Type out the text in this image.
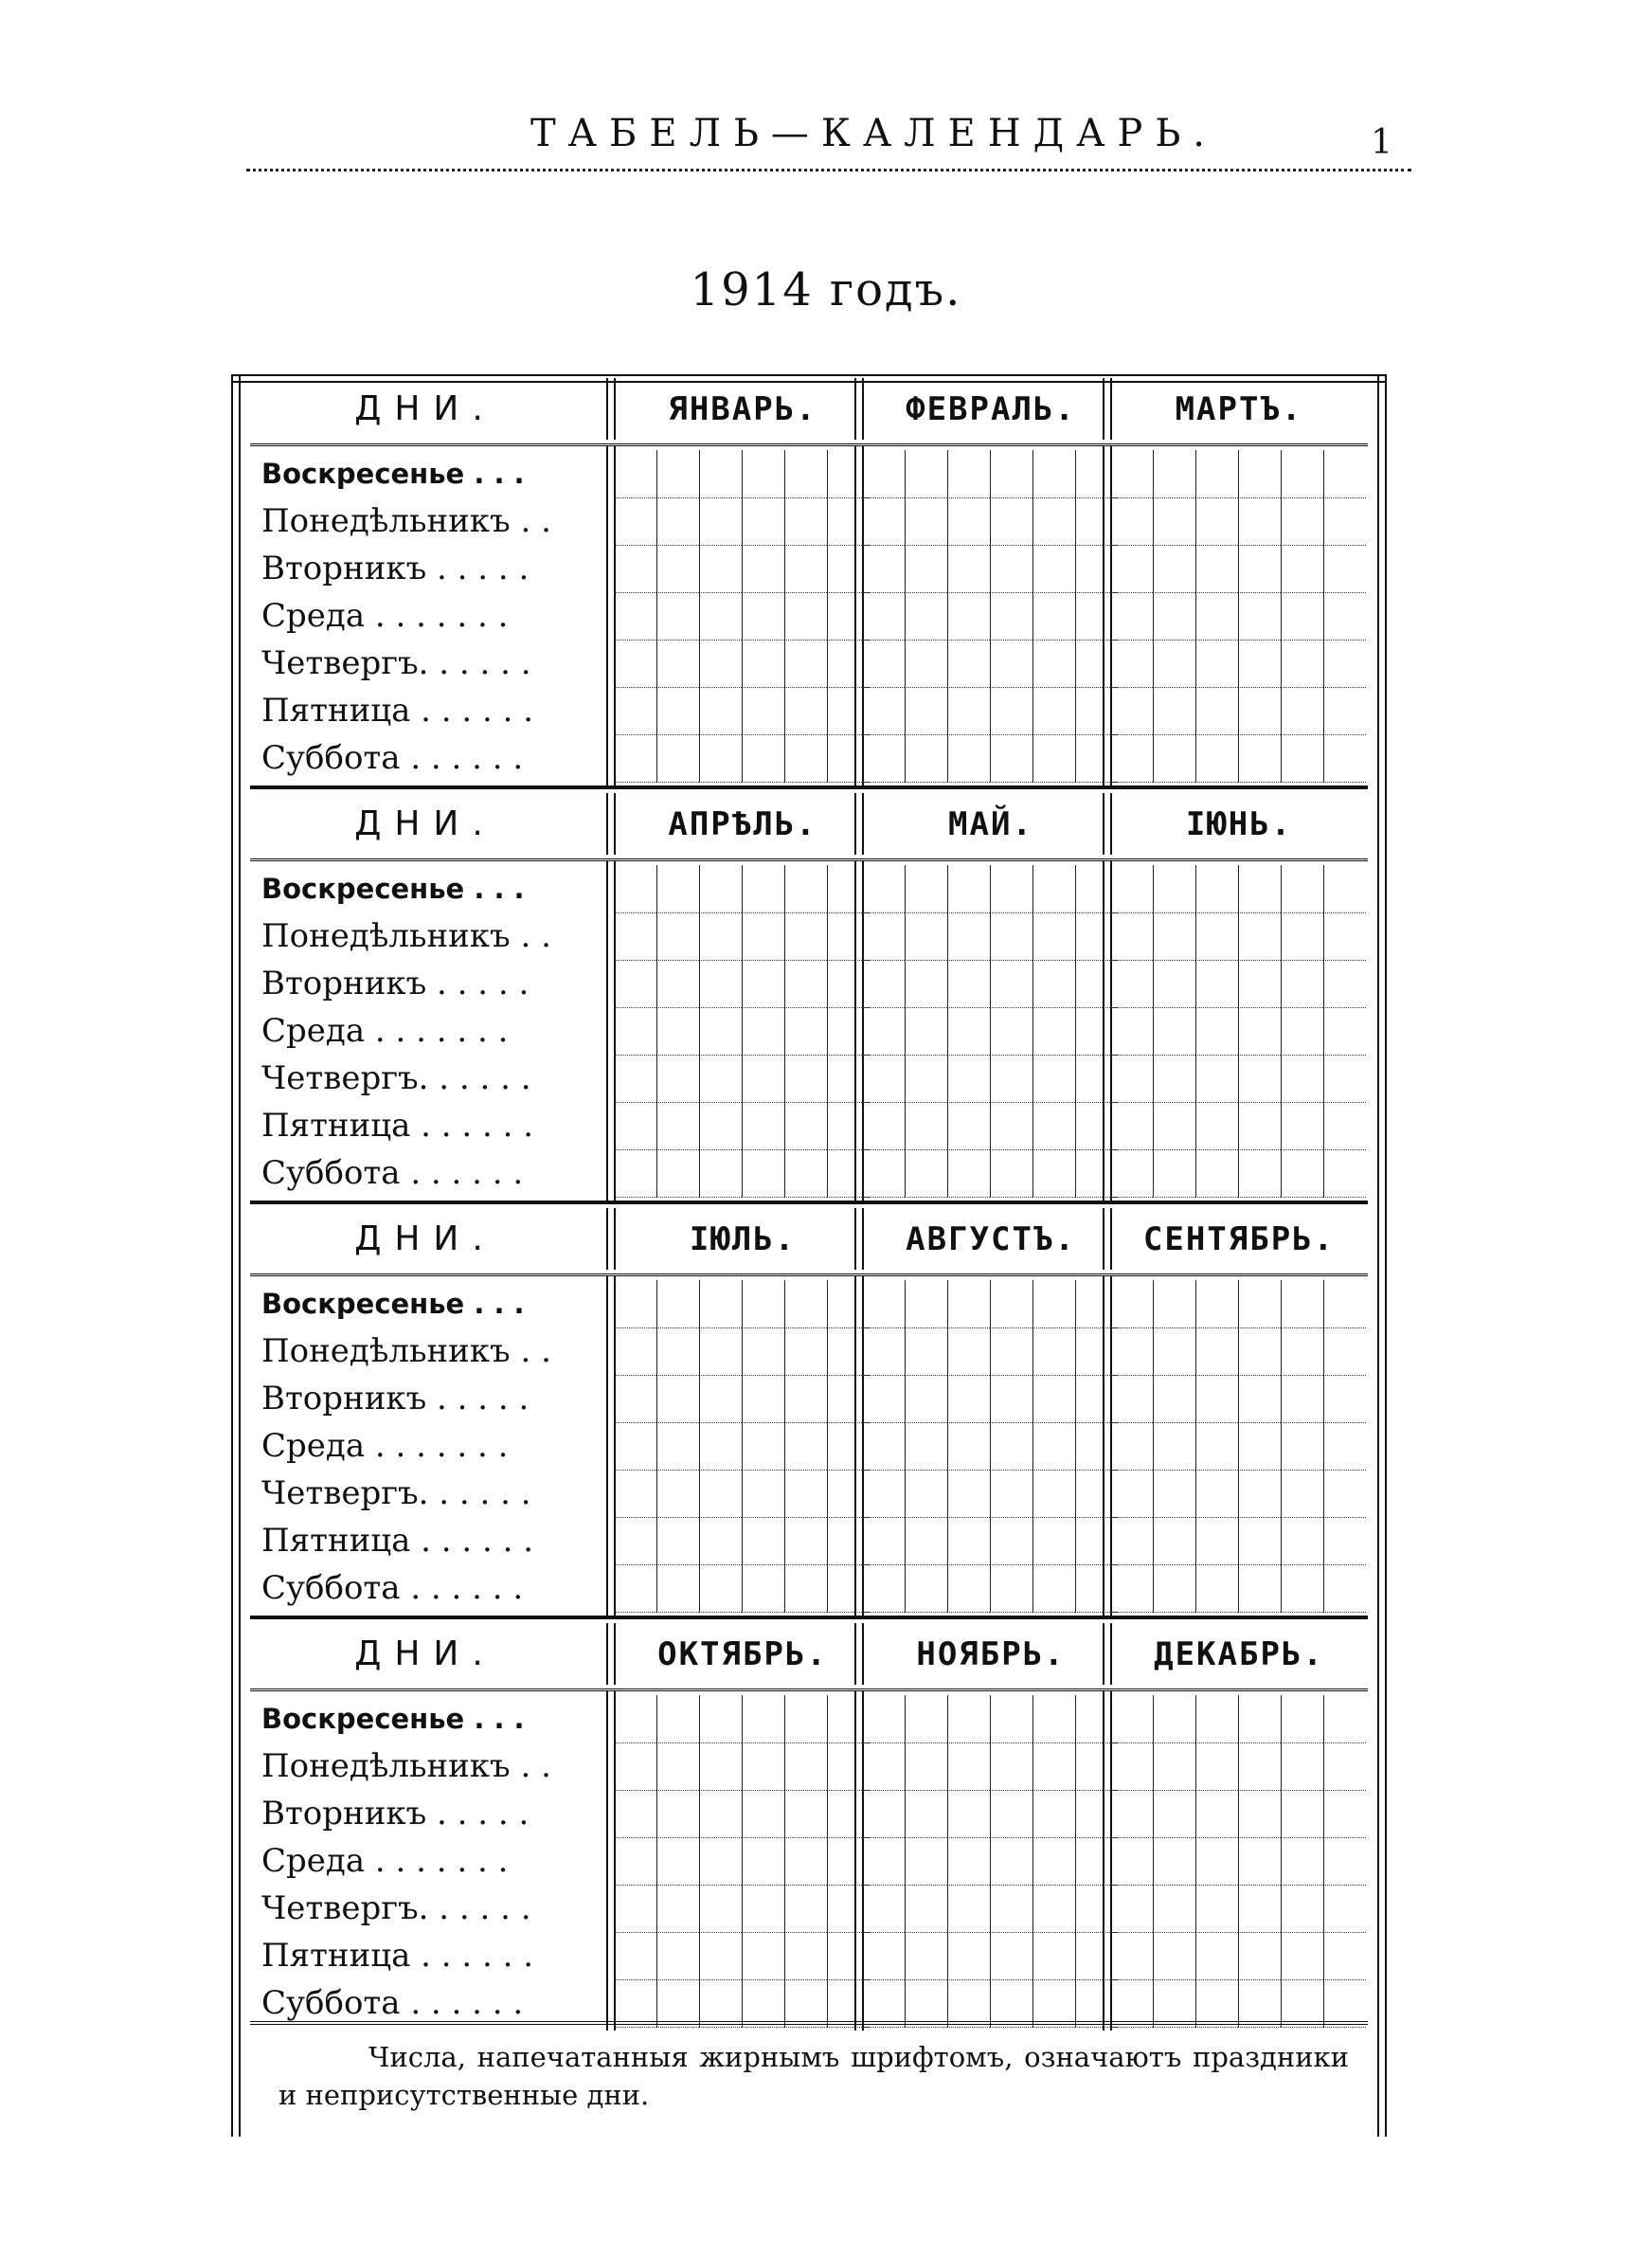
ТАБЕЛЬ—КАЛЕНДАРЬ.	1
1914 годъ.
ДНИ.	ЯНВАРЬ.	ФЕВРАЛЬ.	МАРТЪ.
Воскресенье . . .
Понедѣльникъ . .
Вторникъ . . . . .
Среда . . . . . . .
Четвергъ. . . . . .
Пятница . . . . . .
Суббота . . . . . .
ДНИ.	АПРѢЛЬ.	МАЙ.	ІЮНЬ.
Воскресенье . . .
Понедѣльникъ . .
Вторникъ . . . . .
Среда . . . . . . .
Четвергъ. . . . . .
Пятница . . . . . .
Суббота . . . . . .
ДНИ.	ІЮЛЬ.	АВГУСТЪ.	СЕНТЯБРЬ.
Воскресенье . . .
Понедѣльникъ . .
Вторникъ . . . . .
Среда . . . . . . .
Четвергъ. . . . . .
Пятница . . . . . .
Суббота . . . . . .
ДНИ.	ОКТЯБРЬ.	НОЯБРЬ.	ДЕКАБРЬ.
Воскресенье . . .
Понедѣльникъ . .
Вторникъ . . . . .
Среда . . . . . . .
Четвергъ. . . . . .
Пятница . . . . . .
Суббота . . . . . .

Числа, напечатанныя жирнымъ шрифтомъ, означаютъ праздники и неприсутственные дни.
